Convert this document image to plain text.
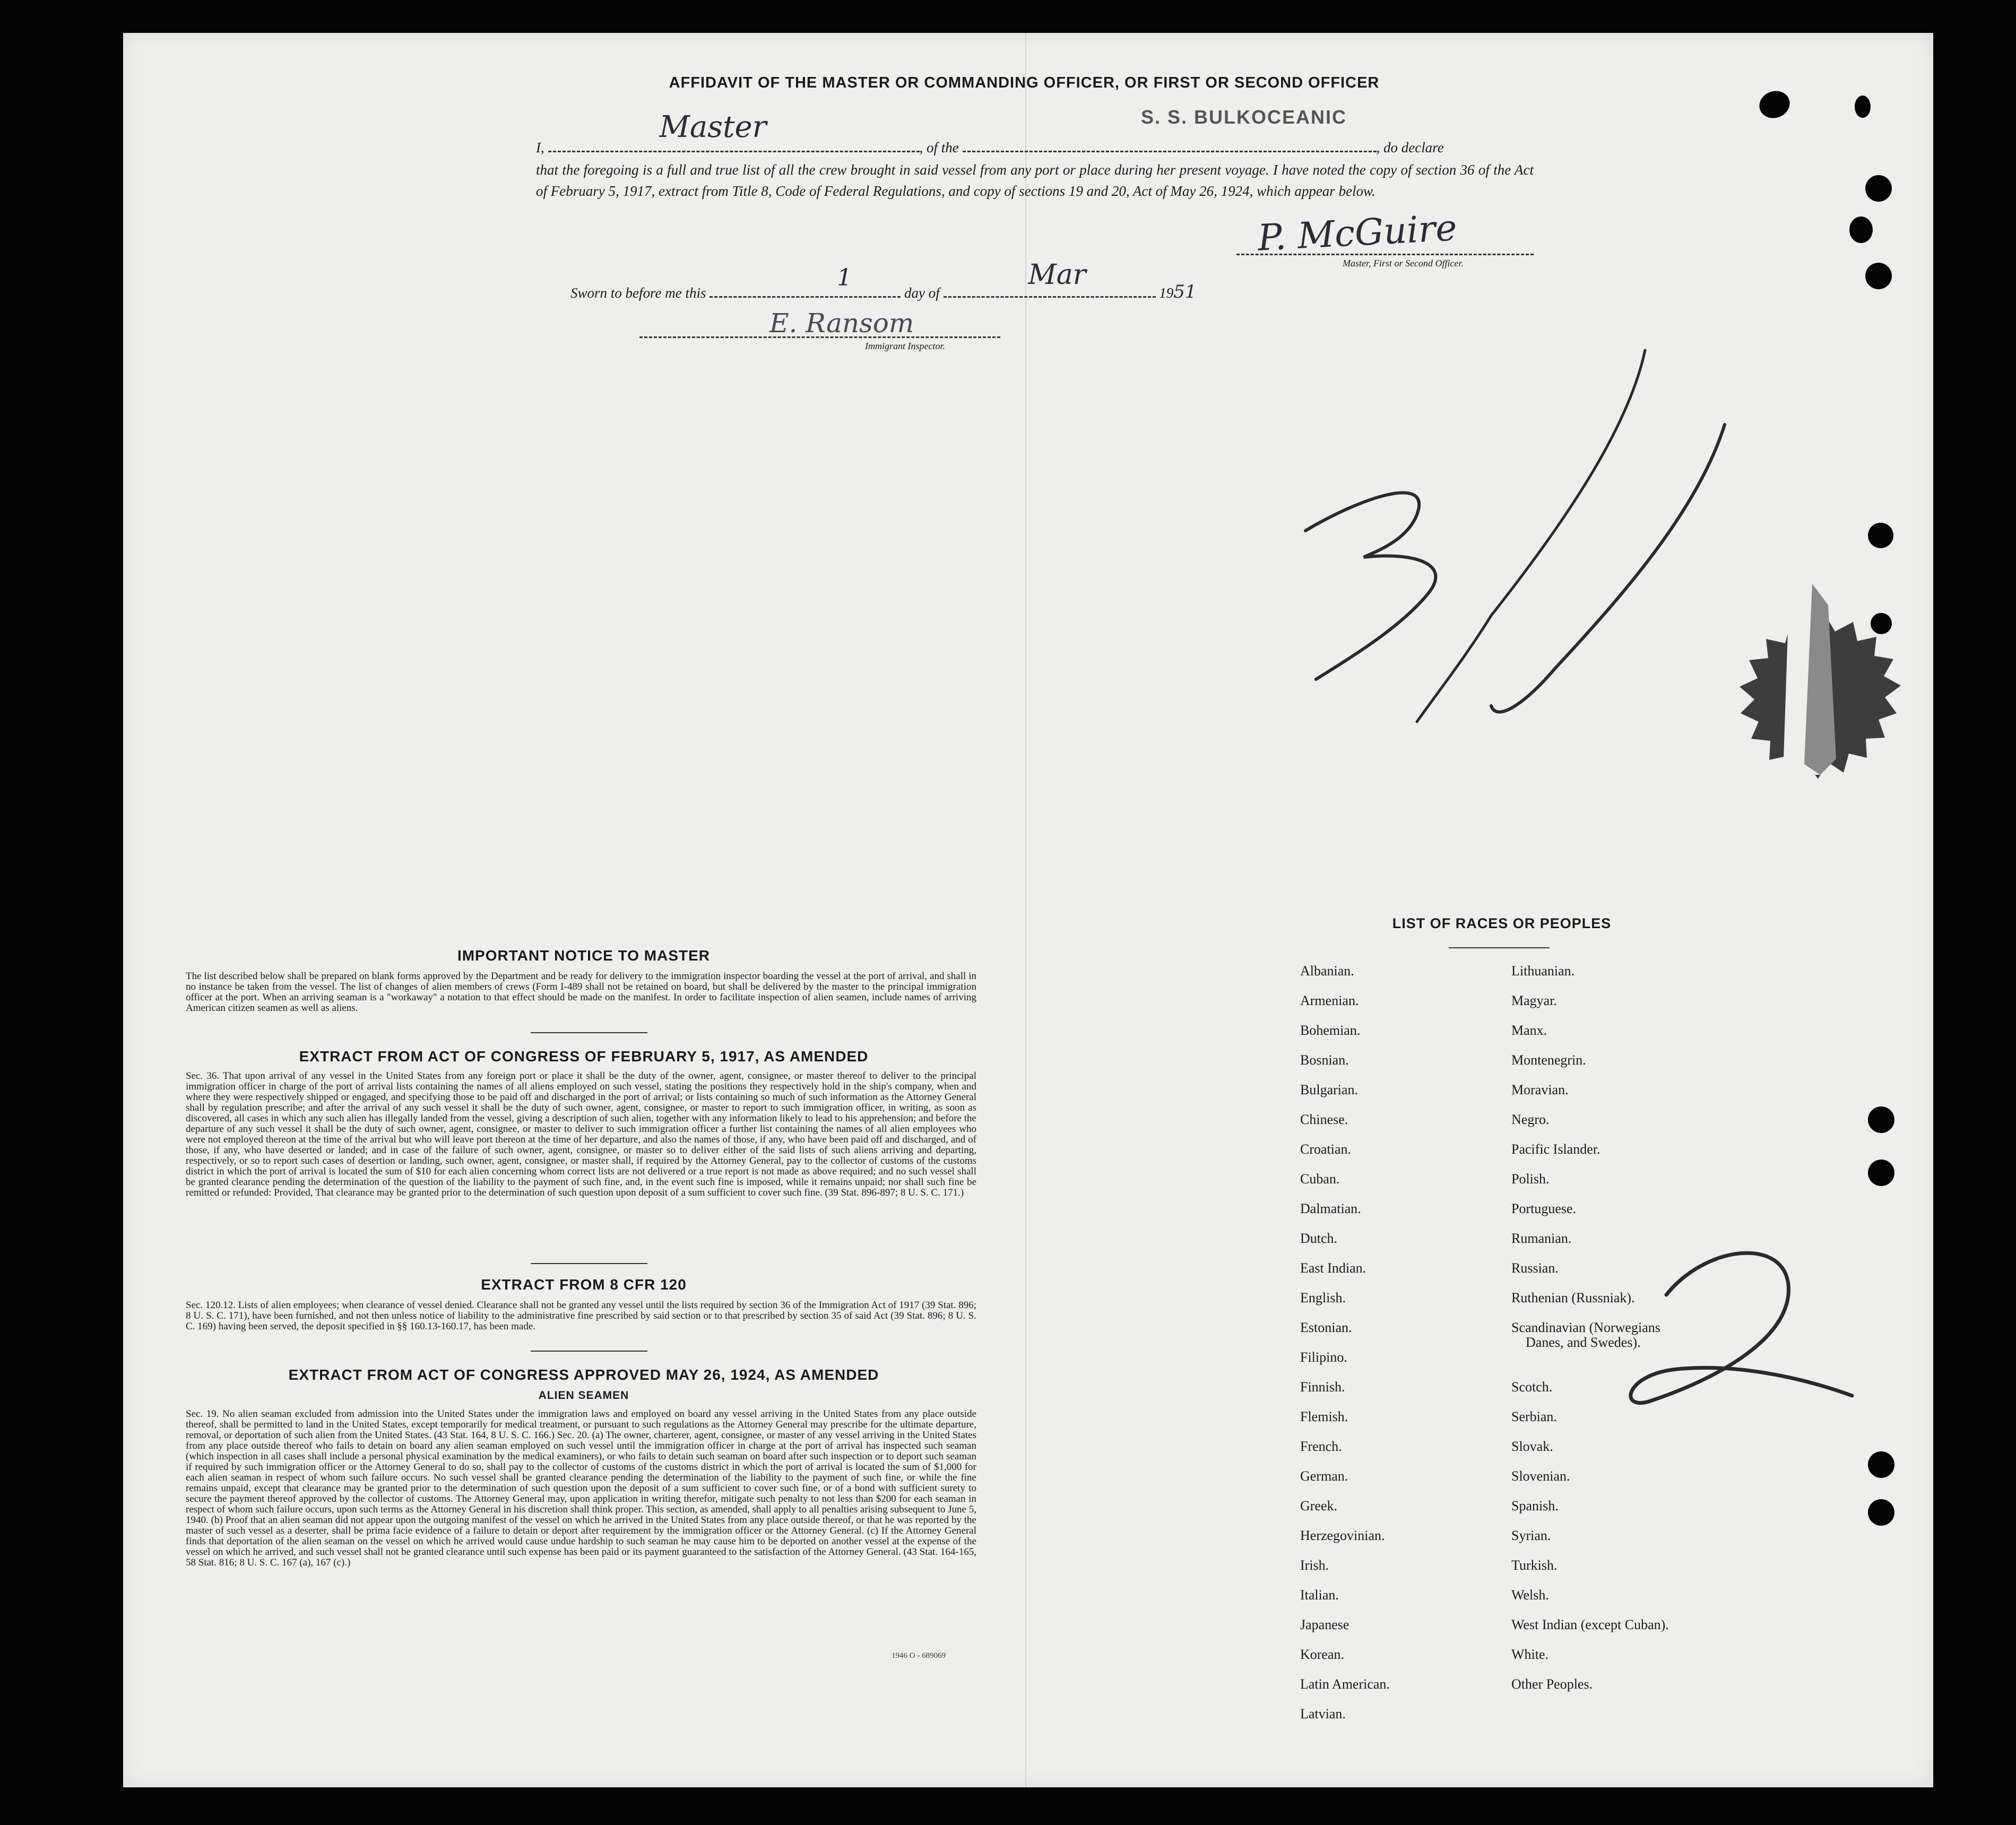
AFFIDAVIT OF THE MASTER OR COMMANDING OFFICER, OR FIRST OR SECOND OFFICER
S. S. BULKOCEANIC
I,
Master
, of the	, do declare
that the foregoing is a full and true list of all the crew brought in said vessel from any port or place during her present voyage. I have noted the copy of section 36 of the Act of February 5, 1917, extract from Title 8, Code of Federal Regulations, and copy of sections 19 and 20, Act of May 26, 1924, which appear below.
P. McGuire
Master, First or Second Officer.
Sworn to before me this
1
day of
Mar
1951
E. Ransom
Immigrant Inspector.
IMPORTANT NOTICE TO MASTER
The list described below shall be prepared on blank forms approved by the Department and be ready for delivery to the immigration inspector boarding the vessel at the port of arrival, and shall in no instance be taken from the vessel. The list of changes of alien members of crews (Form I-489 shall not be retained on board, but shall be delivered by the master to the principal immigration officer at the port. When an arriving seaman is a "workaway" a notation to that effect should be made on the manifest. In order to facilitate inspection of alien seamen, include names of arriving American citizen seamen as well as aliens.
EXTRACT FROM ACT OF CONGRESS OF FEBRUARY 5, 1917, AS AMENDED
Sec. 36. That upon arrival of any vessel in the United States from any foreign port or place it shall be the duty of the owner, agent, consignee, or master thereof to deliver to the principal immigration officer in charge of the port of arrival lists containing the names of all aliens employed on such vessel, stating the positions they respectively hold in the ship's company, when and where they were respectively shipped or engaged, and specifying those to be paid off and discharged in the port of arrival; or lists containing so much of such information as the Attorney General shall by regulation prescribe; and after the arrival of any such vessel it shall be the duty of such owner, agent, consignee, or master to report to such immigration officer, in writing, as soon as discovered, all cases in which any such alien has illegally landed from the vessel, giving a description of such alien, together with any information likely to lead to his apprehension; and before the departure of any such vessel it shall be the duty of such owner, agent, consignee, or master to deliver to such immigration officer a further list containing the names of all alien employees who were not employed thereon at the time of the arrival but who will leave port thereon at the time of her departure, and also the names of those, if any, who have been paid off and discharged, and of those, if any, who have deserted or landed; and in case of the failure of such owner, agent, consignee, or master so to deliver either of the said lists of such aliens arriving and departing, respectively, or so to report such cases of desertion or landing, such owner, agent, consignee, or master shall, if required by the Attorney General, pay to the collector of customs of the customs district in which the port of arrival is located the sum of $10 for each alien concerning whom correct lists are not delivered or a true report is not made as above required; and no such vessel shall be granted clearance pending the determination of the question of the liability to the payment of such fine, and, in the event such fine is imposed, while it remains unpaid; nor shall such fine be remitted or refunded: Provided, That clearance may be granted prior to the determination of such question upon deposit of a sum sufficient to cover such fine. (39 Stat. 896-897; 8 U. S. C. 171.)
EXTRACT FROM 8 CFR 120
Sec. 120.12. Lists of alien employees; when clearance of vessel denied. Clearance shall not be granted any vessel until the lists required by section 36 of the Immigration Act of 1917 (39 Stat. 896; 8 U. S. C. 171), have been furnished, and not then unless notice of liability to the administrative fine prescribed by said section or to that prescribed by section 35 of said Act (39 Stat. 896; 8 U. S. C. 169) having been served, the deposit specified in §§ 160.13-160.17, has been made.
EXTRACT FROM ACT OF CONGRESS APPROVED MAY 26, 1924, AS AMENDED
ALIEN SEAMEN
Sec. 19. No alien seaman excluded from admission into the United States under the immigration laws and employed on board any vessel arriving in the United States from any place outside thereof, shall be permitted to land in the United States, except temporarily for medical treatment, or pursuant to such regulations as the Attorney General may prescribe for the ultimate departure, removal, or deportation of such alien from the United States. (43 Stat. 164, 8 U. S. C. 166.) Sec. 20. (a) The owner, charterer, agent, consignee, or master of any vessel arriving in the United States from any place outside thereof who fails to detain on board any alien seaman employed on such vessel until the immigration officer in charge at the port of arrival has inspected such seaman (which inspection in all cases shall include a personal physical examination by the medical examiners), or who fails to detain such seaman on board after such inspection or to deport such seaman if required by such immigration officer or the Attorney General to do so, shall pay to the collector of customs of the customs district in which the port of arrival is located the sum of $1,000 for each alien seaman in respect of whom such failure occurs. No such vessel shall be granted clearance pending the determination of the liability to the payment of such fine, or while the fine remains unpaid, except that clearance may be granted prior to the determination of such question upon the deposit of a sum sufficient to cover such fine, or of a bond with sufficient surety to secure the payment thereof approved by the collector of customs. The Attorney General may, upon application in writing therefor, mitigate such penalty to not less than $200 for each seaman in respect of whom such failure occurs, upon such terms as the Attorney General in his discretion shall think proper. This section, as amended, shall apply to all penalties arising subsequent to June 5, 1940. (b) Proof that an alien seaman did not appear upon the outgoing manifest of the vessel on which he arrived in the United States from any place outside thereof, or that he was reported by the master of such vessel as a deserter, shall be prima facie evidence of a failure to detain or deport after requirement by the immigration officer or the Attorney General. (c) If the Attorney General finds that deportation of the alien seaman on the vessel on which he arrived would cause undue hardship to such seaman he may cause him to be deported on another vessel at the expense of the vessel on which he arrived, and such vessel shall not be granted clearance until such expense has been paid or its payment guaranteed to the satisfaction of the Attorney General. (43 Stat. 164-165, 58 Stat. 816; 8 U. S. C. 167 (a), 167 (c).)
1946 O - 689069
LIST OF RACES OR PEOPLES
Albanian.
Armenian.
Bohemian.
Bosnian.
Bulgarian.
Chinese.
Croatian.
Cuban.
Dalmatian.
Dutch.
East Indian.
English.
Estonian.
Filipino.
Finnish.
Flemish.
French.
German.
Greek.
Herzegovinian.
Irish.
Italian.
Japanese
Korean.
Latin American.
Latvian.
Lithuanian.
Magyar.
Manx.
Montenegrin.
Moravian.
Negro.
Pacific Islander.
Polish.
Portuguese.
Rumanian.
Russian.
Ruthenian (Russniak).
Scandinavian (Norwegians
Danes, and Swedes).
Scotch.
Serbian.
Slovak.
Slovenian.
Spanish.
Syrian.
Turkish.
Welsh.
West Indian (except Cuban).
White.
Other Peoples.
